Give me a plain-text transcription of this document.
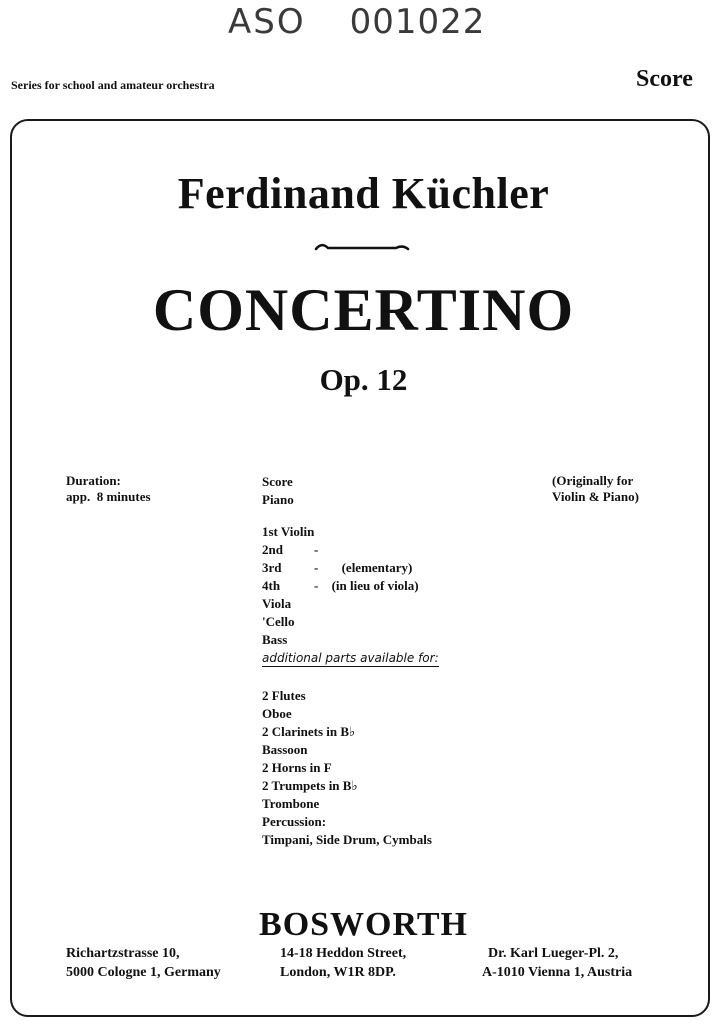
ASO 001022
Series for school and amateur orchestra	Score
Ferdinand Küchler
CONCERTINO
Op. 12
Duration:
app.  8 minutes
(Originally for
Violin & Piano)
Score
Piano
1st Violin
2nd -
3rd	- (elementary)
4th	- (in lieu of viola)
Viola
'Cello
Bass
additional parts available for:
2 Flutes
Oboe
2 Clarinets in B♭
Bassoon
2 Horns in F
2 Trumpets in B♭
Trombone
Percussion:
Timpani, Side Drum, Cymbals
BOSWORTH
Richartzstrasse 10,
5000 Cologne 1, Germany
14-18 Heddon Street,
London, W1R 8DP.
Dr. Karl Lueger-Pl. 2,
A-1010 Vienna 1, Austria
